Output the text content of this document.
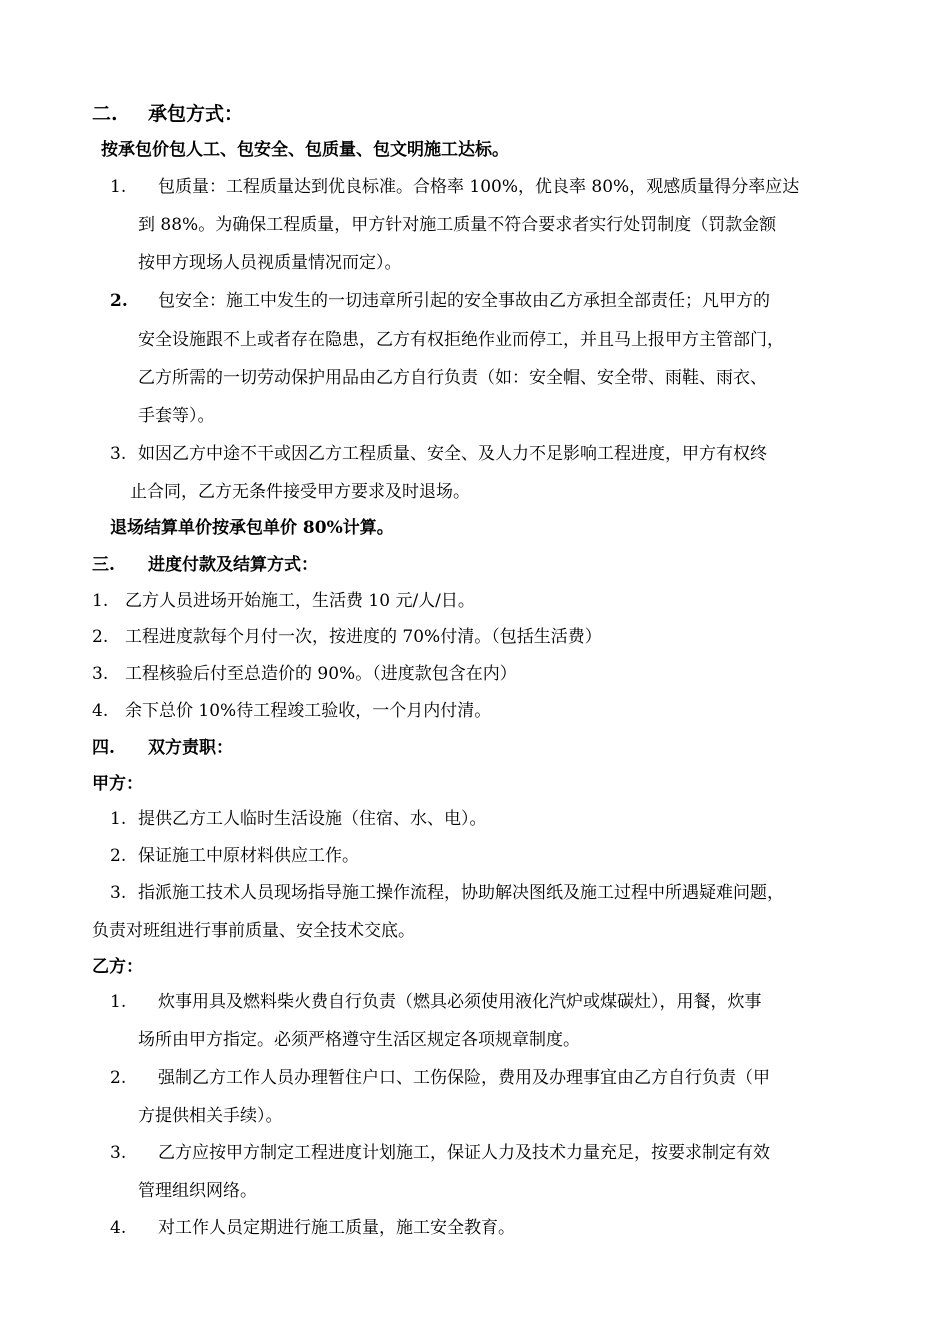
二. 承包方式：
按承包价包人工、包安全、包质量、包文明施工达标。
1. 包质量：工程质量达到优良标准。合格率 100%，优良率 80%，观感质量得分率应达
到 88%。为确保工程质量，甲方针对施工质量不符合要求者实行处罚制度（罚款金额
按甲方现场人员视质量情况而定）。
2. 包安全：施工中发生的一切违章所引起的安全事故由乙方承担全部责任；凡甲方的
安全设施跟不上或者存在隐患，乙方有权拒绝作业而停工，并且马上报甲方主管部门，
乙方所需的一切劳动保护用品由乙方自行负责（如：安全帽、安全带、雨鞋、雨衣、
手套等）。
3. 如因乙方中途不干或因乙方工程质量、安全、及人力不足影响工程进度，甲方有权终
止合同，乙方无条件接受甲方要求及时退场。
退场结算单价按承包单价 80%计算。
三. 进度付款及结算方式：
1. 乙方人员进场开始施工，生活费 10 元/人/日。
2. 工程进度款每个月付一次，按进度的 70%付清。（包括生活费）
3. 工程核验后付至总造价的 90%。（进度款包含在内）
4. 余下总价 10%待工程竣工验收，一个月内付清。
四. 双方责职：
甲方：
1. 提供乙方工人临时生活设施（住宿、水、电）。
2. 保证施工中原材料供应工作。
3. 指派施工技术人员现场指导施工操作流程，协助解决图纸及施工过程中所遇疑难问题，
负责对班组进行事前质量、安全技术交底。
乙方：
1. 炊事用具及燃料柴火费自行负责（燃具必须使用液化汽炉或煤碳灶），用餐，炊事
场所由甲方指定。必须严格遵守生活区规定各项规章制度。
2. 强制乙方工作人员办理暂住户口、工伤保险，费用及办理事宜由乙方自行负责（甲
方提供相关手续）。
3. 乙方应按甲方制定工程进度计划施工，保证人力及技术力量充足，按要求制定有效
管理组织网络。
4. 对工作人员定期进行施工质量，施工安全教育。
